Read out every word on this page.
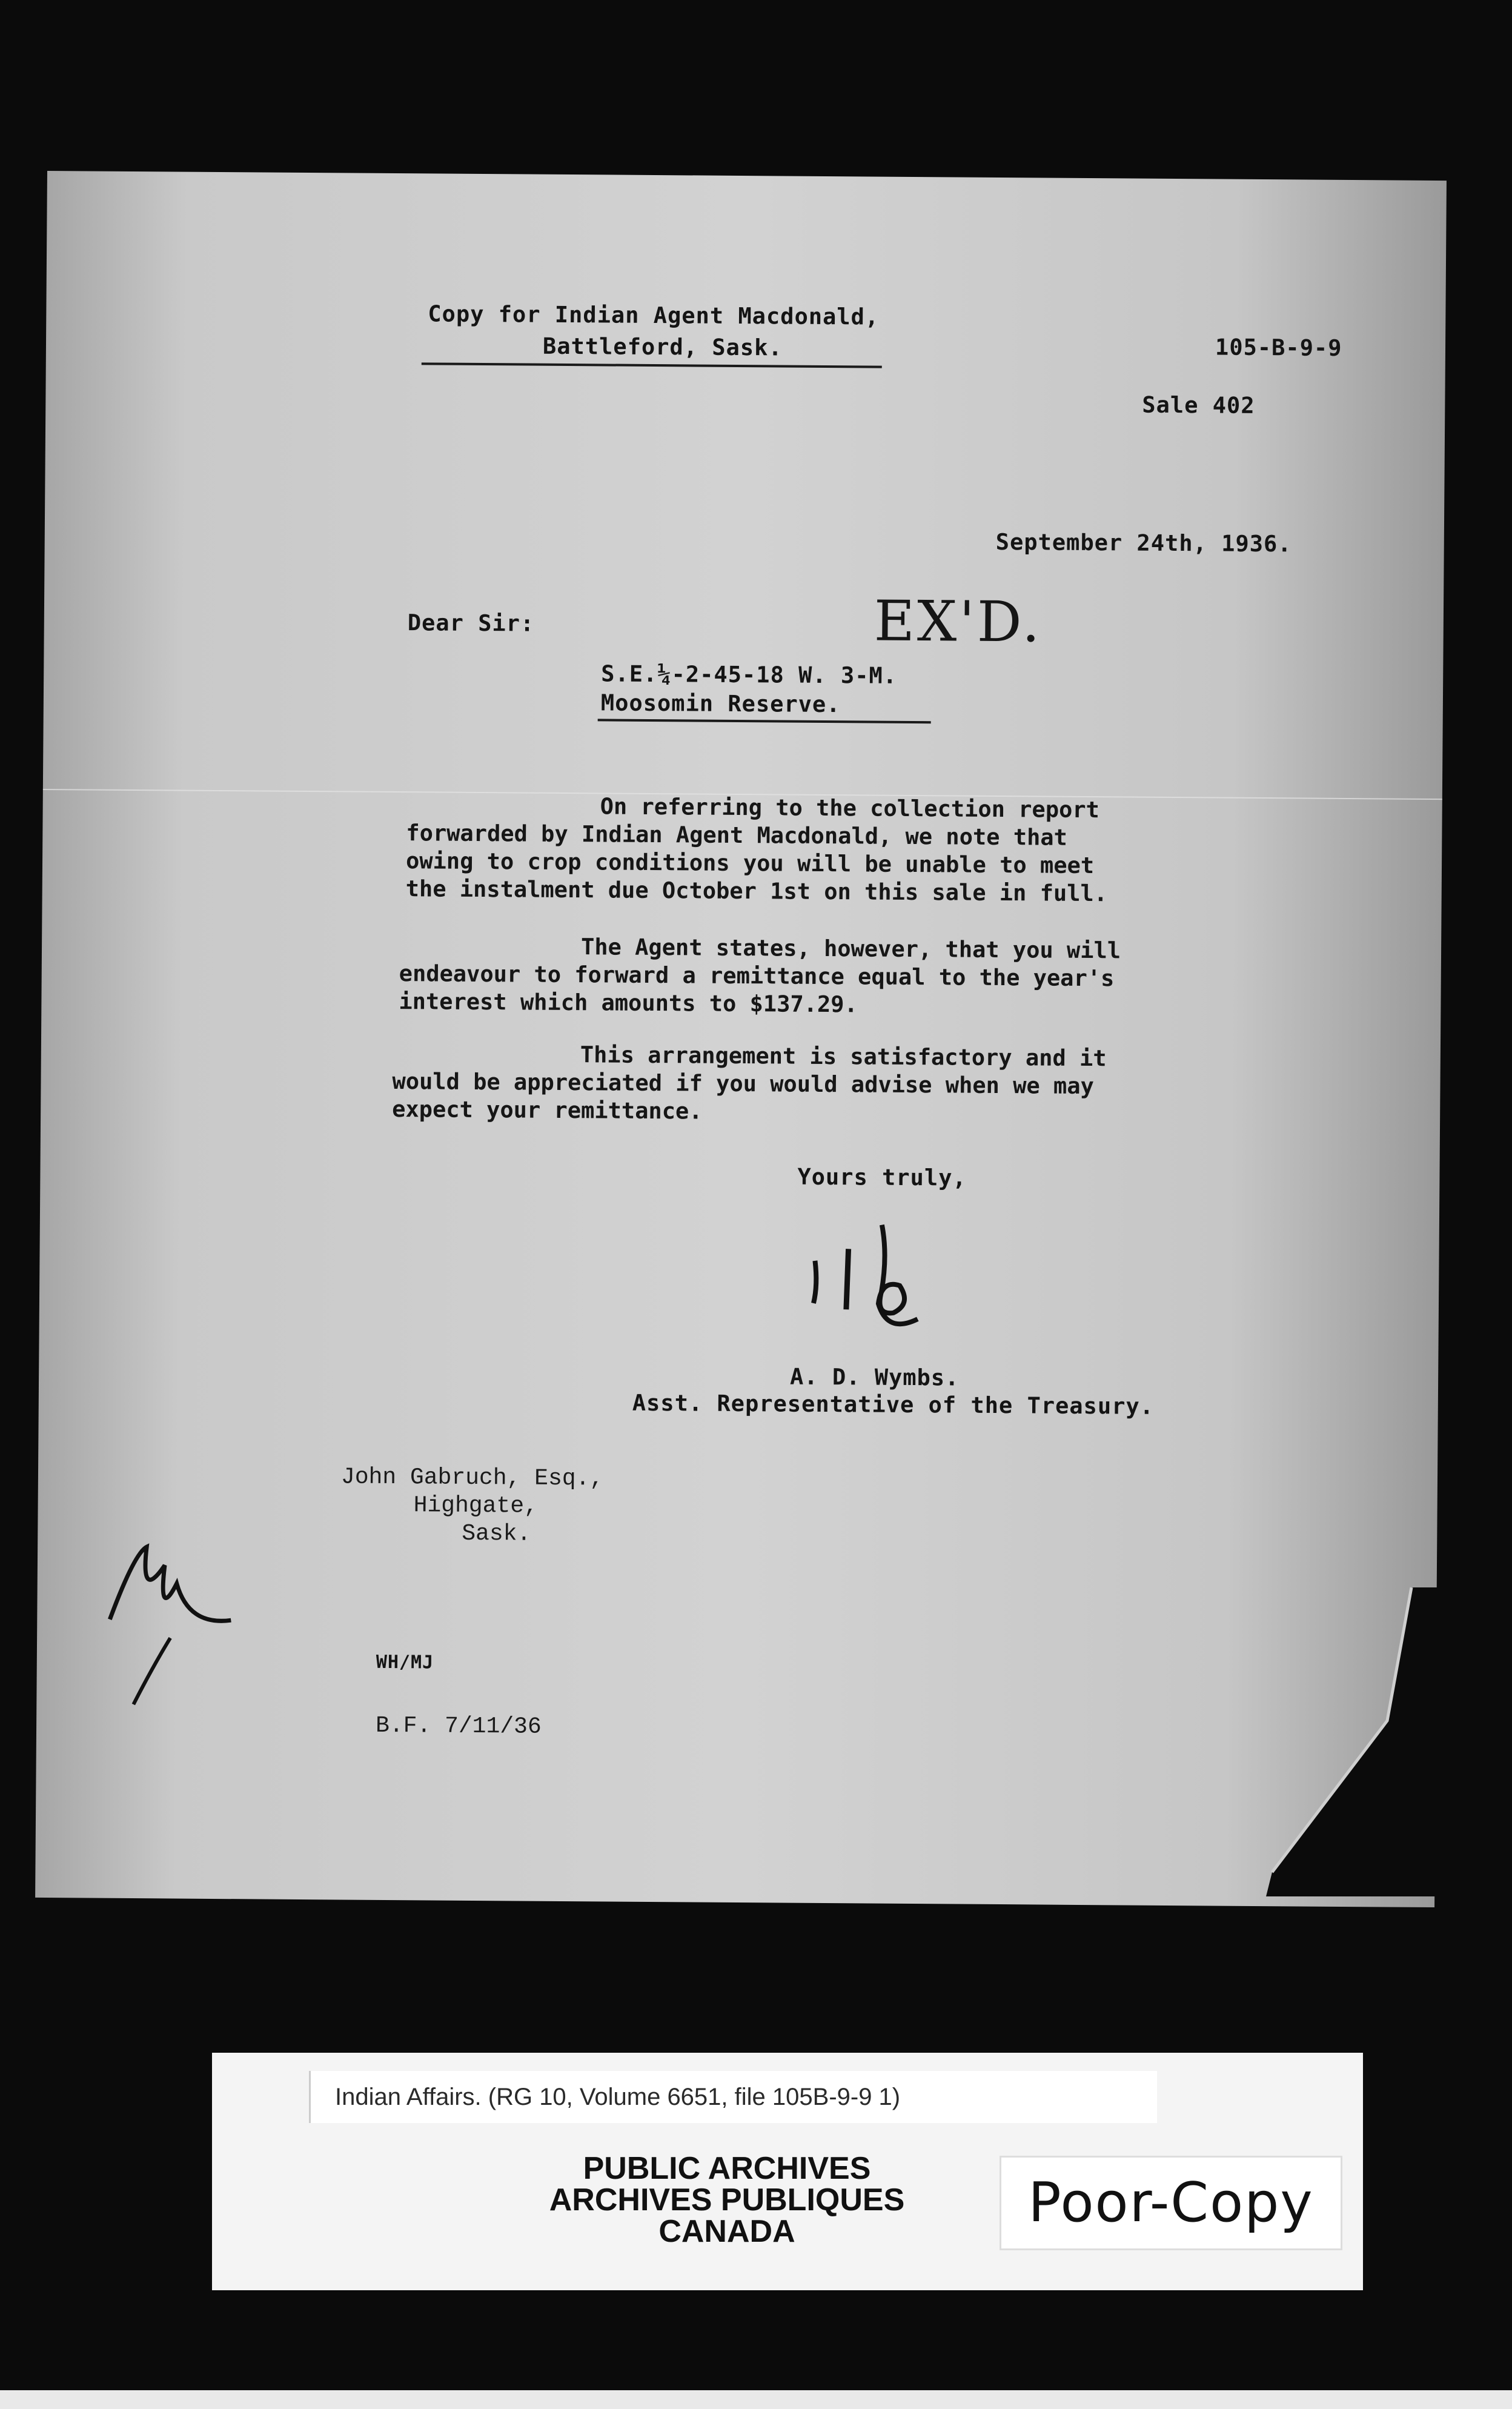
Copy for Indian Agent Macdonald,
Battleford, Sask.	105-B-9-9
Sale 402
September 24th, 1936.
Dear Sir:	EX'D.
S.E.¼-2-45-18 W. 3-M.
Moosomin Reserve.
On referring to the collection report
forwarded by Indian Agent Macdonald, we note that
owing to crop conditions you will be unable to meet
the instalment due October 1st on this sale in full.
The Agent states, however, that you will
endeavour to forward a remittance equal to the year's
interest which amounts to $137.29.
This arrangement is satisfactory and it
would be appreciated if you would advise when we may
expect your remittance.
Yours truly,
A. D. Wymbs.
Asst. Representative of the Treasury.
John Gabruch, Esq.,
Highgate,
Sask.
WH/MJ
B.F. 7/11/36
Indian Affairs. (RG 10, Volume 6651, file 105B-9-9 1)
PUBLIC ARCHIVES
ARCHIVES PUBLIQUES
CANADA	Poor-Copy
